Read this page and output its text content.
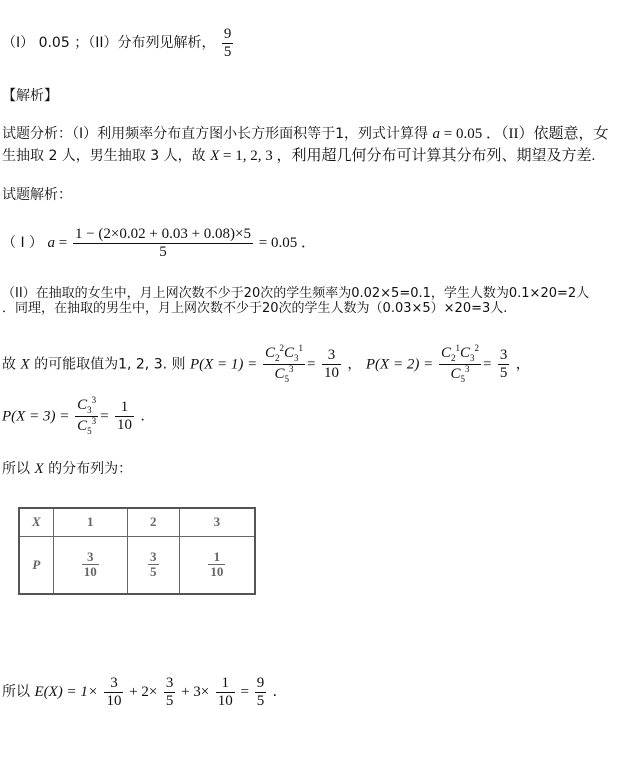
（I） 0.05 ；（II）分布列见解析， $\frac{9}{5}$
【解析】
试题分析：（I）利用频率分布直方图小长方形面积等于1，列式计算得 a = 0.05 ．（II）依题意，女
生抽取 2 人，男生抽取 3 人，故 X = 1, 2, 3 ，利用超几何分布可计算其分布列、期望及方差.
试题解析：
（ I ） $a = \frac{1 - (2\times 0.02 + 0.03 + 0.08)\times 5}{5} = 0.05$ ．
（II）在抽取的女生中，月上网次数不少于20次的学生频率为0.02×5=0.1，学生人数为0.1×20=2人
．同理，在抽取的男生中，月上网次数不少于20次的学生人数为（0.03×5）×20=3人.
故 X 的可能取值为1, 2, 3. 则 $P(X = 1) = \frac{C_2^2C_3^1}{C_5^3} = \frac{3}{10}$ ， $P(X = 2) = \frac{C_2^1C_3^2}{C_5^3} = \frac{3}{5}$ ，
$P(X = 3) = \frac{C_3^3}{C_5^3} = \frac{1}{10}$ ．
所以 X 的分布列为：
X	1	2	3
P	$\frac{3}{10}$	$\frac{3}{5}$	$\frac{1}{10}$
所以 $E(X) = 1\times \frac{3}{10} + 2\times \frac{3}{5} + 3\times \frac{1}{10} = \frac{9}{5}$ ．
